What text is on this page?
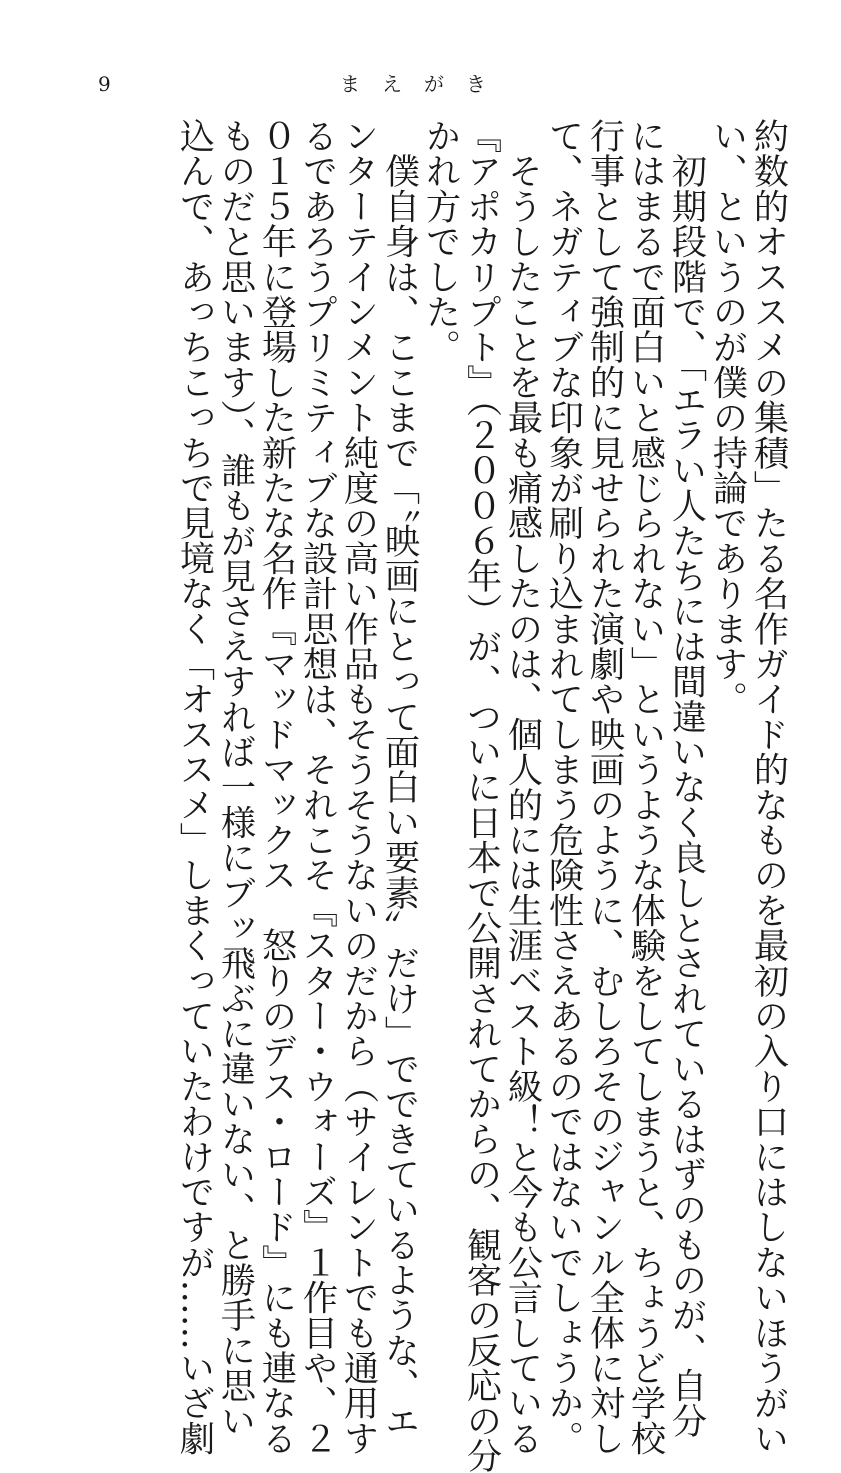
9	まえがき
約数的オススメの集積」たる名作ガイド的なものを最初の入り口にはしないほうがい
い、というのが僕の持論であります。
　初期段階で、「エラい人たちには間違いなく良しとされているはずのものが、自分
にはまるで面白いと感じられない」というような体験をしてしまうと、ちょうど学校
行事として強制的に見せられた演劇や映画のように、むしろそのジャンル全体に対し
て、ネガティブな印象が刷り込まれてしまう危険性さえあるのではないでしょうか。
　そうしたことを最も痛感したのは、個人的には生涯ベスト級！と今も公言している
『アポカリプト』（２００６年）が、ついに日本で公開されてからの、観客の反応の分
かれ方でした。
　僕自身は、ここまで「〝映画にとって面白い要素〟だけ」でできているような、エ
ンターテインメント純度の高い作品もそうそうないのだから（サイレントでも通用す
るであろうプリミティブな設計思想は、それこそ『スター・ウォーズ』１作目や、２
０１５年に登場した新たな名作『マッドマックス　怒りのデス・ロード』にも連なる
ものだと思います）、誰もが見さえすれば一様にブッ飛ぶに違いない、と勝手に思い
込んで、あっちこっちで見境なく「オススメ」しまくっていたわけですが……いざ劇
